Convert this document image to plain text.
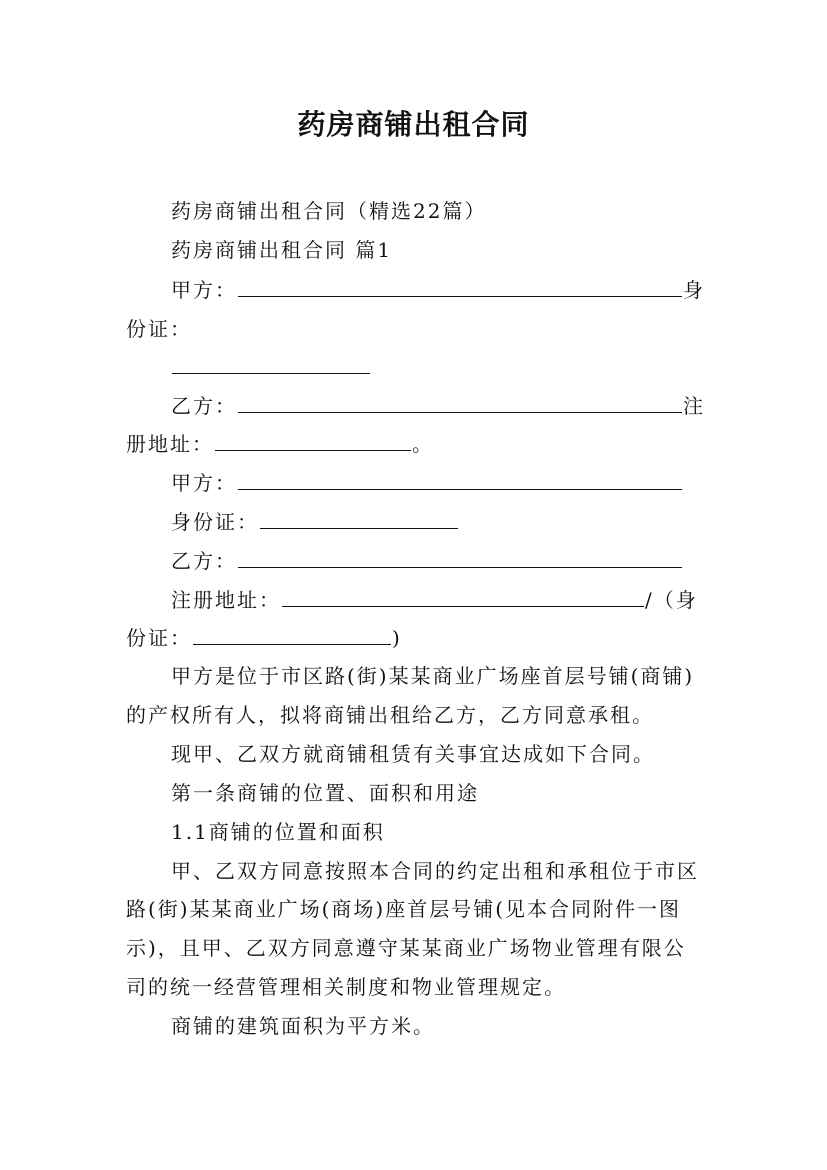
药房商铺出租合同
药房商铺出租合同（精选22篇）
药房商铺出租合同 篇1
甲方：	身
份证：
乙方：	注
册地址：	。
甲方：
身份证：
乙方：
注册地址：	/（身
份证：	)
甲方是位于市区路(街)某某商业广场座首层号铺(商铺)
的产权所有人，拟将商铺出租给乙方，乙方同意承租。
现甲、乙双方就商铺租赁有关事宜达成如下合同。
第一条商铺的位置、面积和用途
1.1商铺的位置和面积
甲、乙双方同意按照本合同的约定出租和承租位于市区
路(街)某某商业广场(商场)座首层号铺(见本合同附件一图
示)，且甲、乙双方同意遵守某某商业广场物业管理有限公
司的统一经营管理相关制度和物业管理规定。
商铺的建筑面积为平方米。
